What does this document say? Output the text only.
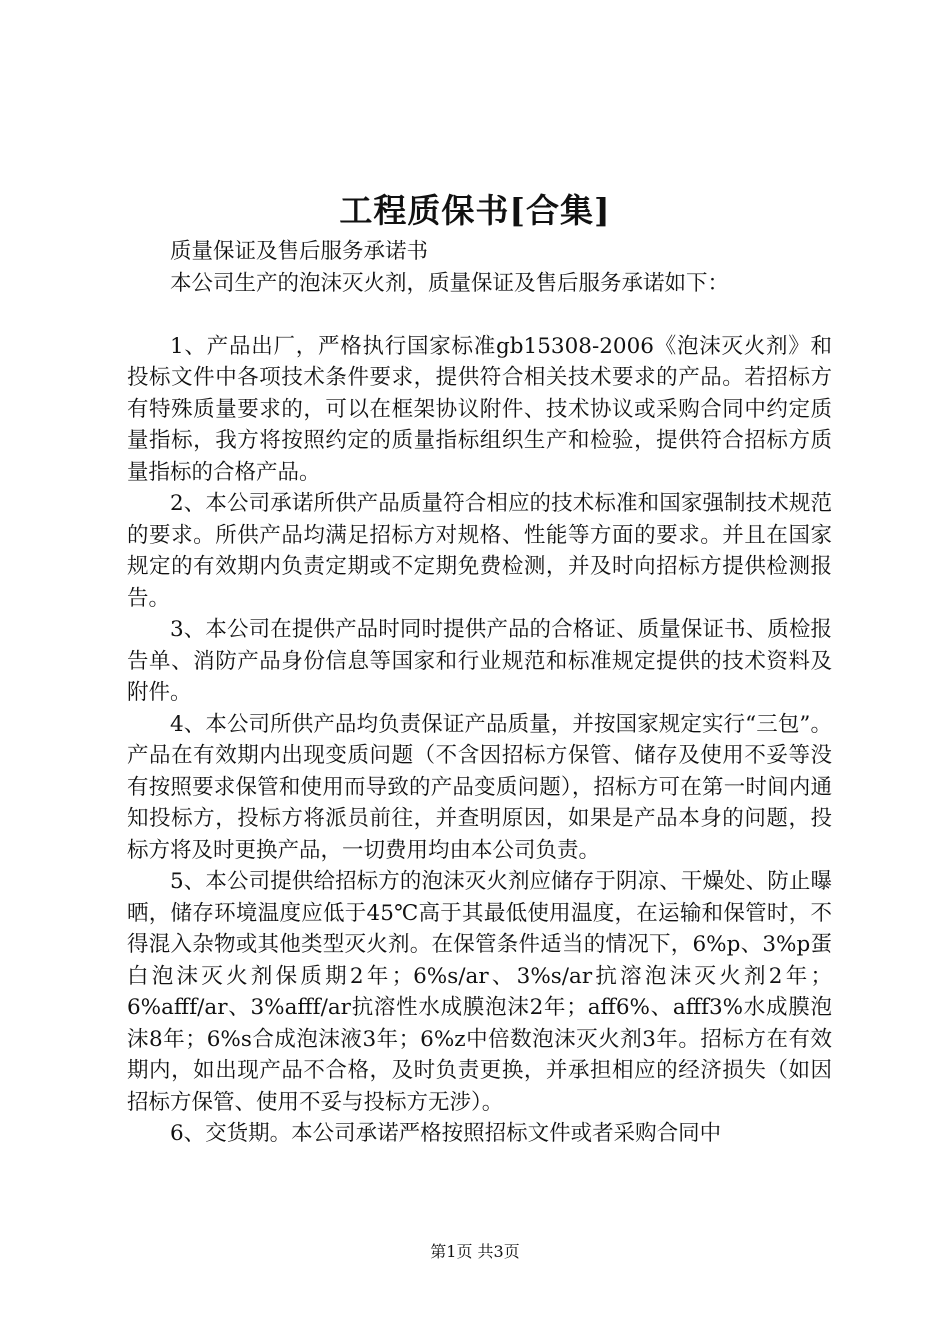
工程质保书[合集]

质量保证及售后服务承诺书

本公司生产的泡沫灭火剂，质量保证及售后服务承诺如下：

1、产品出厂，严格执行国家标准gb15308-2006《泡沫灭火剂》和投标文件中各项技术条件要求，提供符合相关技术要求的产品。若招标方有特殊质量要求的，可以在框架协议附件、技术协议或采购合同中约定质量指标，我方将按照约定的质量指标组织生产和检验，提供符合招标方质量指标的合格产品。

2、本公司承诺所供产品质量符合相应的技术标准和国家强制技术规范的要求。所供产品均满足招标方对规格、性能等方面的要求。并且在国家规定的有效期内负责定期或不定期免费检测，并及时向招标方提供检测报告。

3、本公司在提供产品时同时提供产品的合格证、质量保证书、质检报告单、消防产品身份信息等国家和行业规范和标准规定提供的技术资料及附件。

4、本公司所供产品均负责保证产品质量，并按国家规定实行“三包”。产品在有效期内出现变质问题（不含因招标方保管、储存及使用不妥等没有按照要求保管和使用而导致的产品变质问题），招标方可在第一时间内通知投标方，投标方将派员前往，并查明原因，如果是产品本身的问题，投标方将及时更换产品，一切费用均由本公司负责。

5、本公司提供给招标方的泡沫灭火剂应储存于阴凉、干燥处、防止曝晒，储存环境温度应低于45℃高于其最低使用温度，在运输和保管时，不得混入杂物或其他类型灭火剂。在保管条件适当的情况下，6%p、3%p蛋白泡沫灭火剂保质期2年；6%s/ar、3%s/ar抗溶泡沫灭火剂2年；6%afff/ar、3%afff/ar抗溶性水成膜泡沫2年；aff6%、afff3%水成膜泡沫8年；6%s合成泡沫液3年；6%z中倍数泡沫灭火剂3年。招标方在有效期内，如出现产品不合格，及时负责更换，并承担相应的经济损失（如因招标方保管、使用不妥与投标方无涉）。

6、交货期。本公司承诺严格按照招标文件或者采购合同中

第1页 共3页
